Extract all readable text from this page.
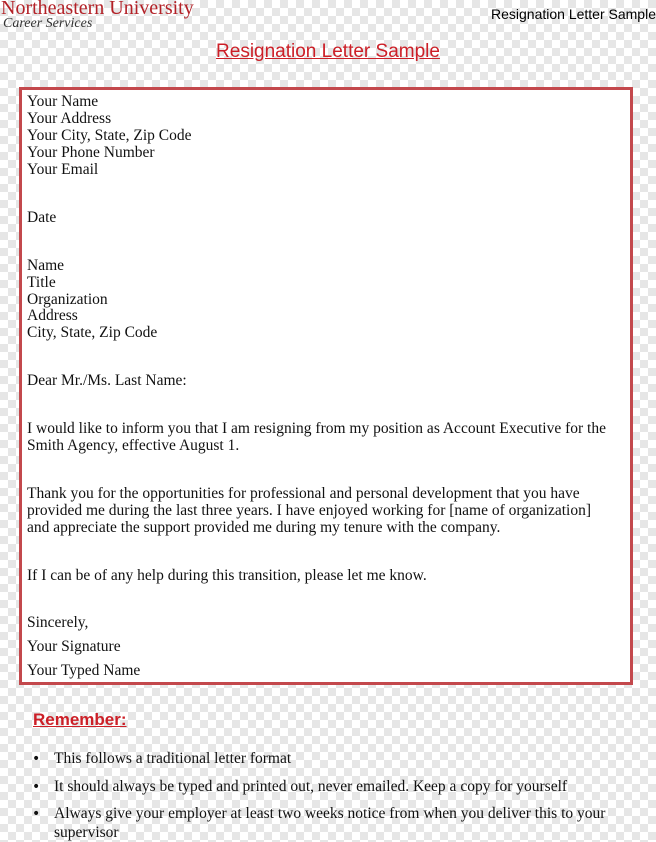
Northeastern University
Career Services
Resignation Letter Sample
Resignation Letter Sample
Your Name
Your Address
Your City, State, Zip Code
Your Phone Number
Your Email
Date
Name
Title
Organization
Address
City, State, Zip Code
Dear Mr./Ms. Last Name:
I would like to inform you that I am resigning from my position as Account Executive for the
Smith Agency, effective August 1.
Thank you for the opportunities for professional and personal development that you have
provided me during the last three years. I have enjoyed working for [name of organization]
and appreciate the support provided me during my tenure with the company.
If I can be of any help during this transition, please let me know.
Sincerely,
Your Signature
Your Typed Name
Remember:
• This follows a traditional letter format
• It should always be typed and printed out, never emailed. Keep a copy for yourself
• Always give your employer at least two weeks notice from when you deliver this to your supervisor
